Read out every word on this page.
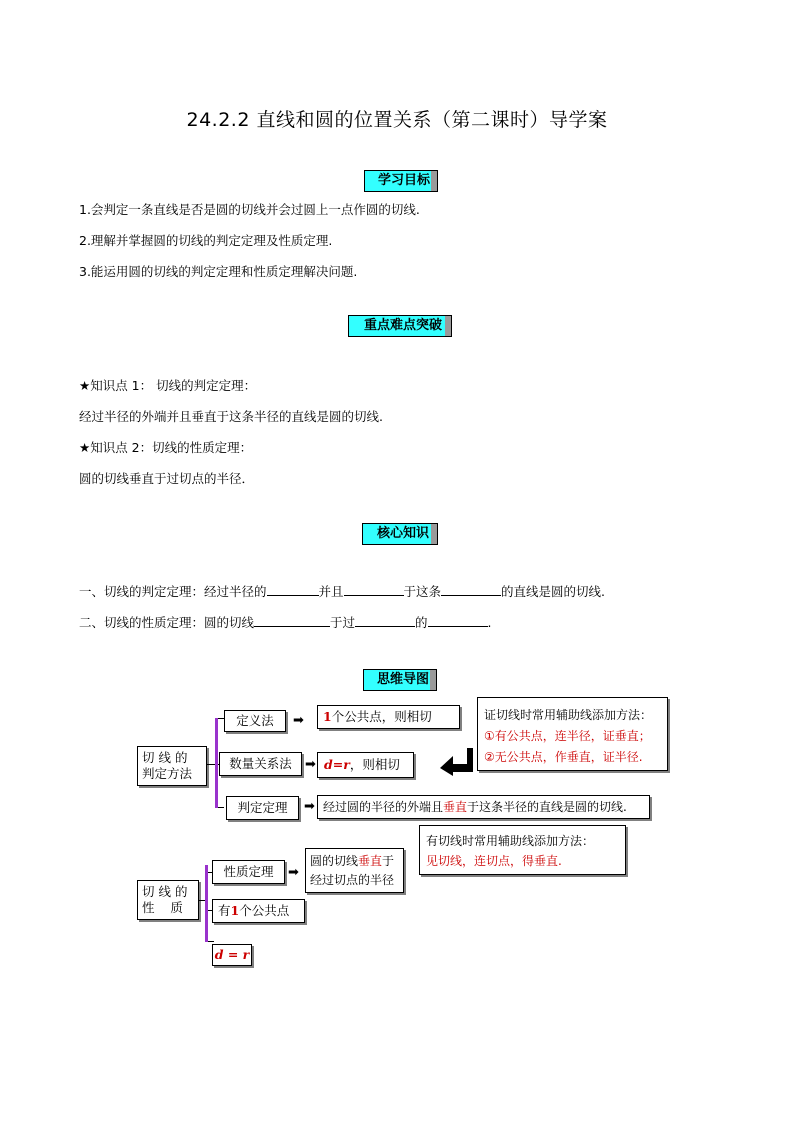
24.2.2 直线和圆的位置关系（第二课时）导学案
学习目标
1.会判定一条直线是否是圆的切线并会过圆上一点作圆的切线.
2.理解并掌握圆的切线的判定定理及性质定理.
3.能运用圆的切线的判定定理和性质定理解决问题.
重点难点突破
★知识点 1： 切线的判定定理：
经过半径的外端并且垂直于这条半径的直线是圆的切线.
★知识点 2：切线的性质定理：
圆的切线垂直于过切点的半径．
核心知识
一、切线的判定定理：经过半径的	并且	于这条	的直线是圆的切线.
二、切线的性质定理：圆的切线	于过	的	.
思维导图
切 线 的
判定方法
定义法	➡	1个公共点，则相切
数量关系法	➡ d=r，则相切
判定定理	➡ 经过圆的半径的外端且垂直于这条半径的直线是圆的切线.
证切线时常用辅助线添加方法：
①有公共点，连半径，证垂直；
②无公共点，作垂直，证半径.
切 线 的
性    质
性质定理	➡
圆的切线垂直于
经过切点的半径
有切线时常用辅助线添加方法：
见切线，连切点，得垂直.
有1个公共点
d = r
